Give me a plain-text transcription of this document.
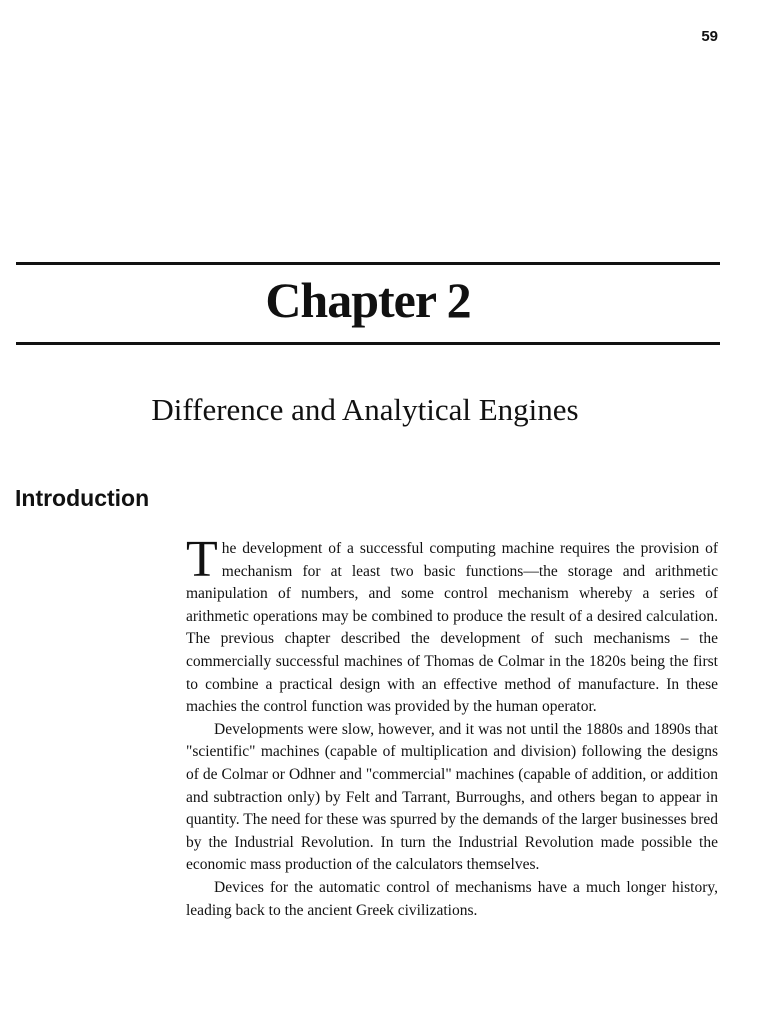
59
Chapter 2
Difference and Analytical Engines
Introduction

The development of a successful computing machine requires the provision of mechanism for at least two basic functions—the storage and arithmetic manipulation of numbers, and some control mechanism whereby a series of arithmetic operations may be combined to produce the result of a desired calculation. The previous chapter described the development of such mechanisms – the commercially successful machines of Thomas de Colmar in the 1820s being the first to combine a practical design with an effective method of manufacture. In these machies the control function was provided by the human operator.

Developments were slow, however, and it was not until the 1880s and 1890s that "scientific" machines (capable of multiplication and division) following the designs of de Colmar or Odhner and "commercial" machines (capable of addition, or addition and subtraction only) by Felt and Tarrant, Burroughs, and others began to appear in quantity. The need for these was spurred by the demands of the larger businesses bred by the Industrial Revolution. In turn the Industrial Revolution made possible the economic mass production of the calculators themselves.

Devices for the automatic control of mechanisms have a much longer history, leading back to the ancient Greek civilizations.
